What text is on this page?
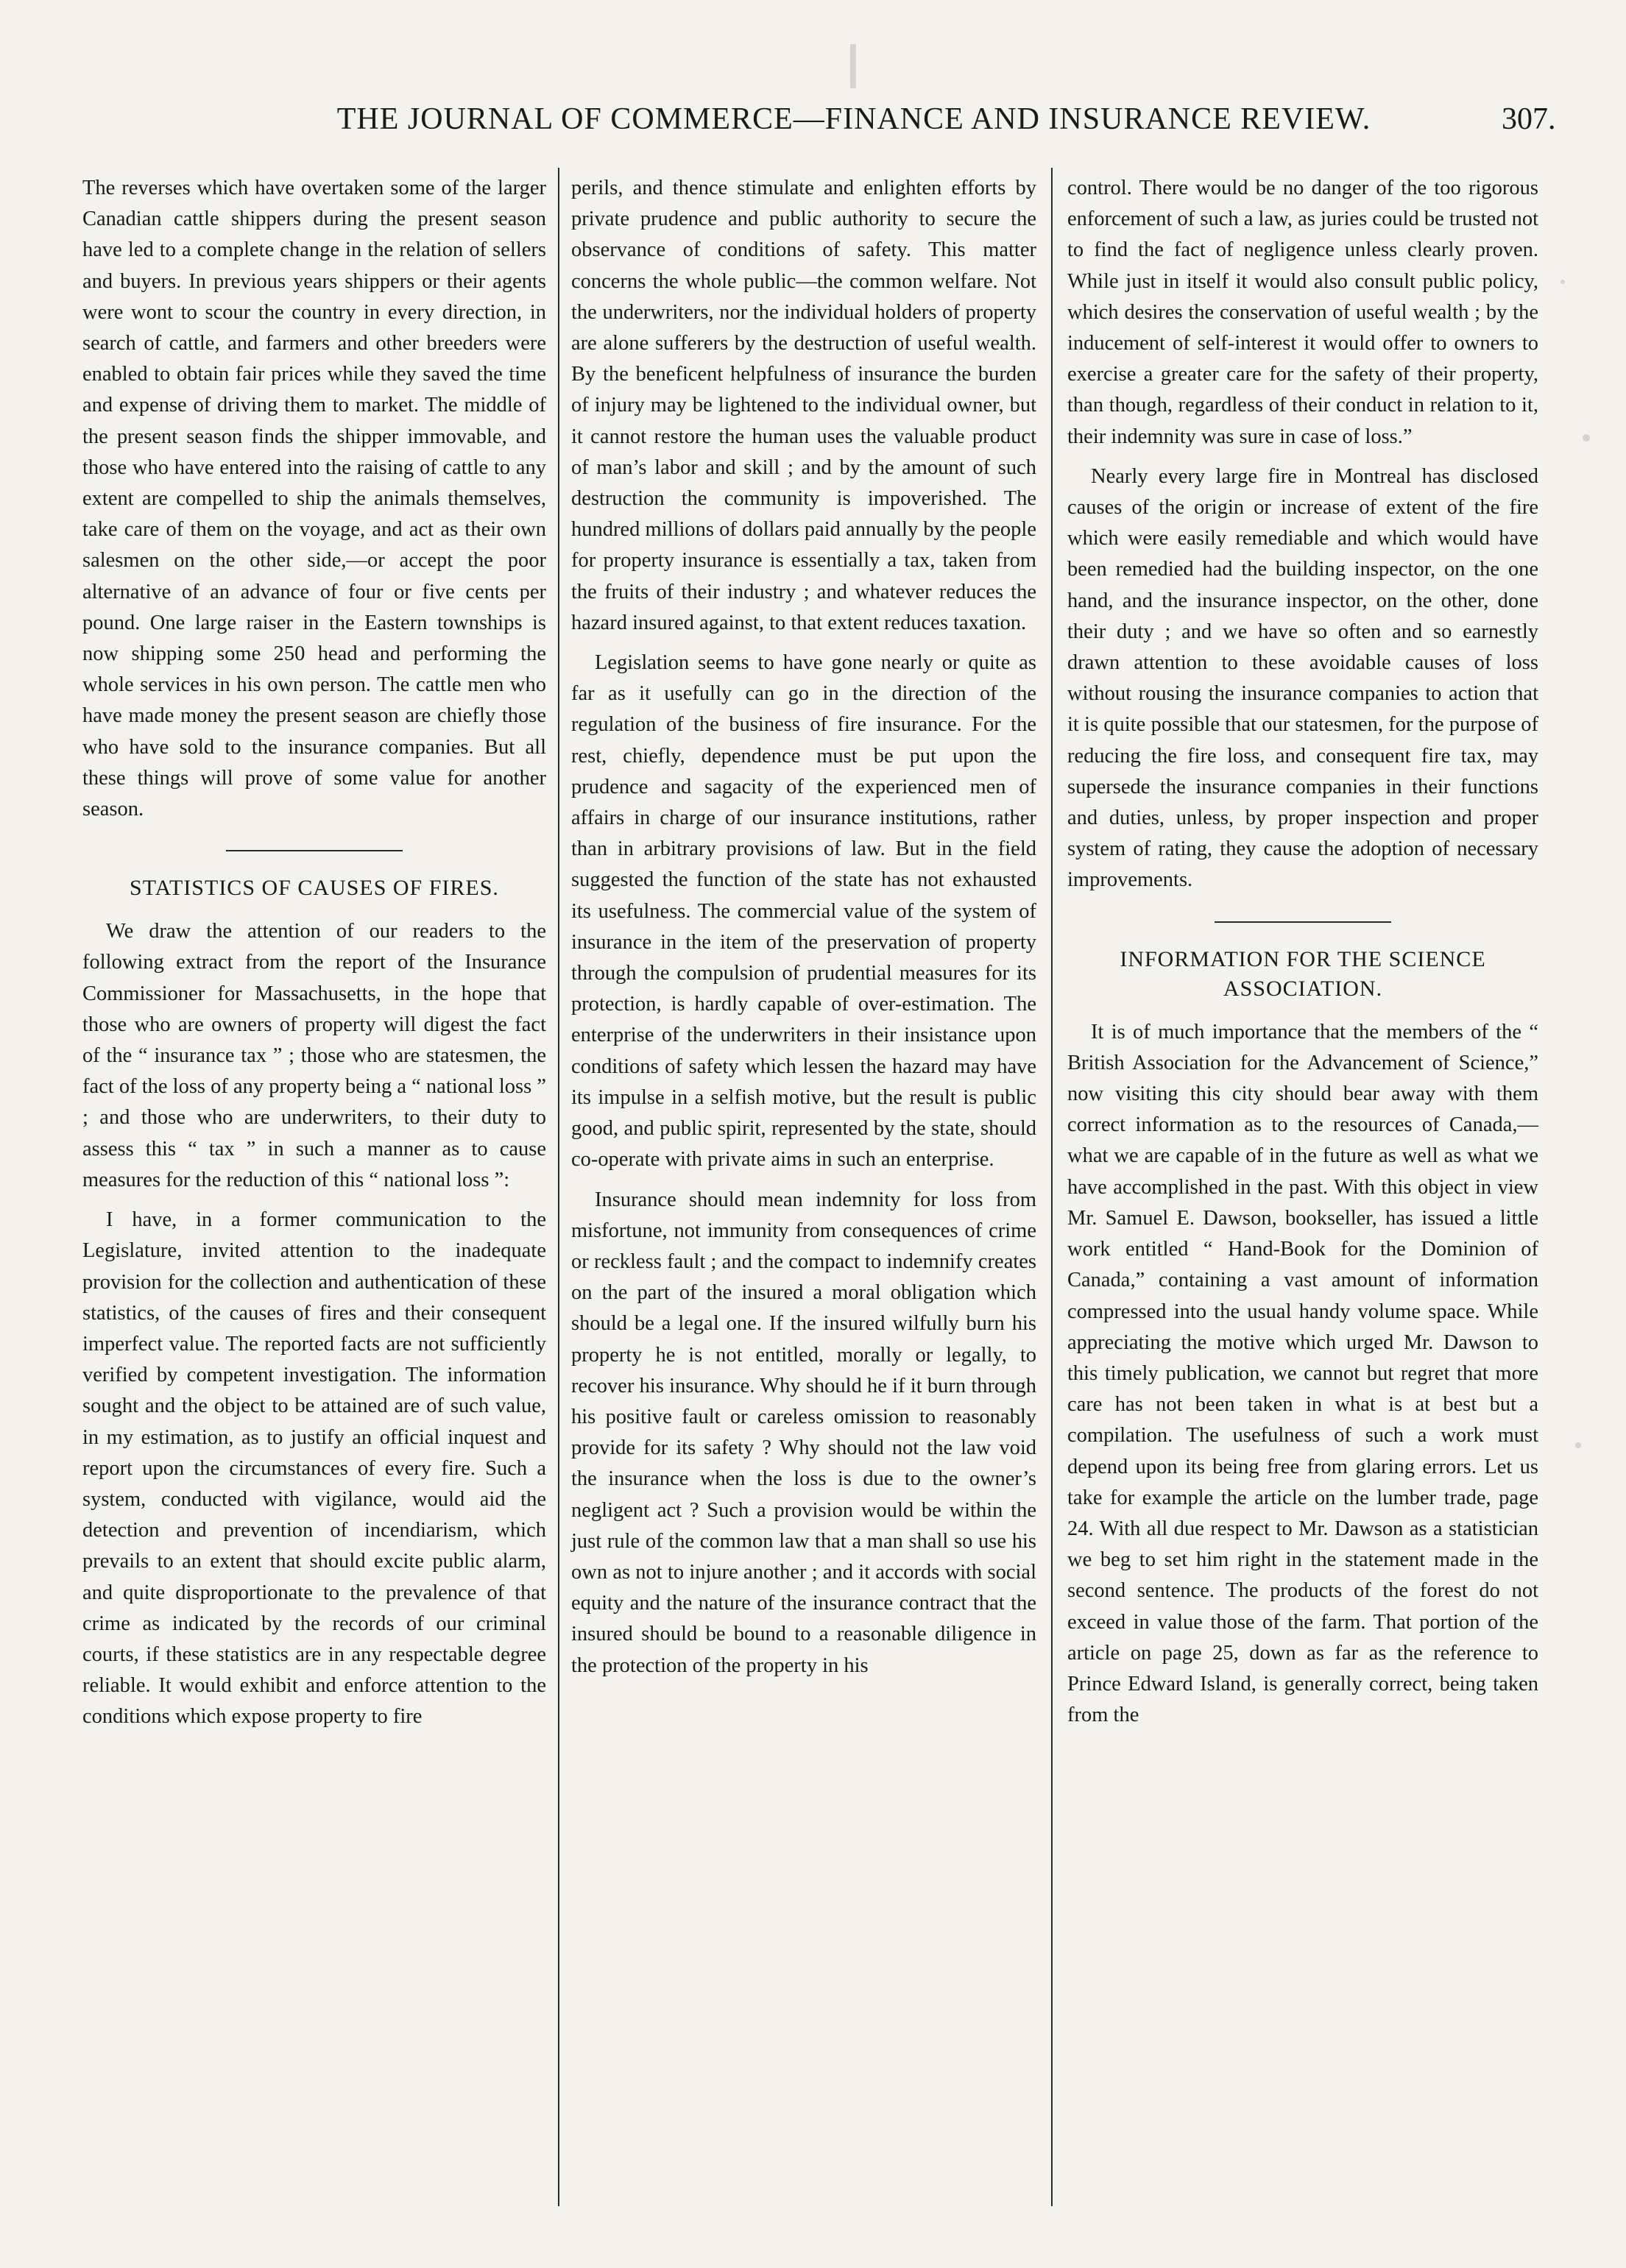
THE JOURNAL OF COMMERCE—FINANCE AND INSURANCE REVIEW.	307.

The reverses which have overtaken some of the larger Canadian cattle shippers during the present season have led to a complete change in the relation of sellers and buyers. In previous years shippers or their agents were wont to scour the country in every direction, in search of cattle, and farmers and other breeders were enabled to obtain fair prices while they saved the time and expense of driving them to market. The middle of the present season finds the shipper immovable, and those who have entered into the raising of cattle to any extent are compelled to ship the animals themselves, take care of them on the voyage, and act as their own salesmen on the other side,—or accept the poor alternative of an advance of four or five cents per pound. One large raiser in the Eastern townships is now shipping some 250 head and performing the whole services in his own person. The cattle men who have made money the present season are chiefly those who have sold to the insurance companies. But all these things will prove of some value for another season.

STATISTICS OF CAUSES OF FIRES.

We draw the attention of our readers to the following extract from the report of the Insurance Commissioner for Massachusetts, in the hope that those who are owners of property will digest the fact of the “ insurance tax ” ; those who are statesmen, the fact of the loss of any property being a “ national loss ” ; and those who are underwriters, to their duty to assess this “ tax ” in such a manner as to cause measures for the reduction of this “ national loss ”:

I have, in a former communication to the Legislature, invited attention to the inadequate provision for the collection and authentication of these statistics, of the causes of fires and their consequent imperfect value. The reported facts are not sufficiently verified by competent investigation. The information sought and the object to be attained are of such value, in my estimation, as to justify an official inquest and report upon the circumstances of every fire. Such a system, conducted with vigilance, would aid the detection and prevention of incendiarism, which prevails to an extent that should excite public alarm, and quite disproportionate to the prevalence of that crime as indicated by the records of our criminal courts, if these statistics are in any respectable degree reliable. It would exhibit and enforce attention to the conditions which expose property to fire

perils, and thence stimulate and enlighten efforts by private prudence and public authority to secure the observance of conditions of safety. This matter concerns the whole public—the common welfare. Not the underwriters, nor the individual holders of property are alone sufferers by the destruction of useful wealth. By the beneficent helpfulness of insurance the burden of injury may be lightened to the individual owner, but it cannot restore the human uses the valuable product of man’s labor and skill ; and by the amount of such destruction the community is impoverished. The hundred millions of dollars paid annually by the people for property insurance is essentially a tax, taken from the fruits of their industry ; and whatever reduces the hazard insured against, to that extent reduces taxation.

Legislation seems to have gone nearly or quite as far as it usefully can go in the direction of the regulation of the business of fire insurance. For the rest, chiefly, dependence must be put upon the prudence and sagacity of the experienced men of affairs in charge of our insurance institutions, rather than in arbitrary provisions of law. But in the field suggested the function of the state has not exhausted its usefulness. The commercial value of the system of insurance in the item of the preservation of property through the compulsion of prudential measures for its protection, is hardly capable of over-estimation. The enterprise of the underwriters in their insistance upon conditions of safety which lessen the hazard may have its impulse in a selfish motive, but the result is public good, and public spirit, represented by the state, should co-operate with private aims in such an enterprise.

Insurance should mean indemnity for loss from misfortune, not immunity from consequences of crime or reckless fault ; and the compact to indemnify creates on the part of the insured a moral obligation which should be a legal one. If the insured wilfully burn his property he is not entitled, morally or legally, to recover his insurance. Why should he if it burn through his positive fault or careless omission to reasonably provide for its safety ? Why should not the law void the insurance when the loss is due to the owner’s negligent act ? Such a provision would be within the just rule of the common law that a man shall so use his own as not to injure another ; and it accords with social equity and the nature of the insurance contract that the insured should be bound to a reasonable diligence in the protection of the property in his

control. There would be no danger of the too rigorous enforcement of such a law, as juries could be trusted not to find the fact of negligence unless clearly proven. While just in itself it would also consult public policy, which desires the conservation of useful wealth ; by the inducement of self-interest it would offer to owners to exercise a greater care for the safety of their property, than though, regardless of their conduct in relation to it, their indemnity was sure in case of loss.”

Nearly every large fire in Montreal has disclosed causes of the origin or increase of extent of the fire which were easily remediable and which would have been remedied had the building inspector, on the one hand, and the insurance inspector, on the other, done their duty ; and we have so often and so earnestly drawn attention to these avoidable causes of loss without rousing the insurance companies to action that it is quite possible that our statesmen, for the purpose of reducing the fire loss, and consequent fire tax, may supersede the insurance companies in their functions and duties, unless, by proper inspection and proper system of rating, they cause the adoption of necessary improvements.

INFORMATION FOR THE SCIENCE ASSOCIATION.

It is of much importance that the members of the “ British Association for the Advancement of Science,” now visiting this city should bear away with them correct information as to the resources of Canada,—what we are capable of in the future as well as what we have accomplished in the past. With this object in view Mr. Samuel E. Dawson, bookseller, has issued a little work entitled “ Hand-Book for the Dominion of Canada,” containing a vast amount of information compressed into the usual handy volume space. While appreciating the motive which urged Mr. Dawson to this timely publication, we cannot but regret that more care has not been taken in what is at best but a compilation. The usefulness of such a work must depend upon its being free from glaring errors. Let us take for example the article on the lumber trade, page 24. With all due respect to Mr. Dawson as a statistician we beg to set him right in the statement made in the second sentence. The products of the forest do not exceed in value those of the farm. That portion of the article on page 25, down as far as the reference to Prince Edward Island, is generally correct, being taken from the
